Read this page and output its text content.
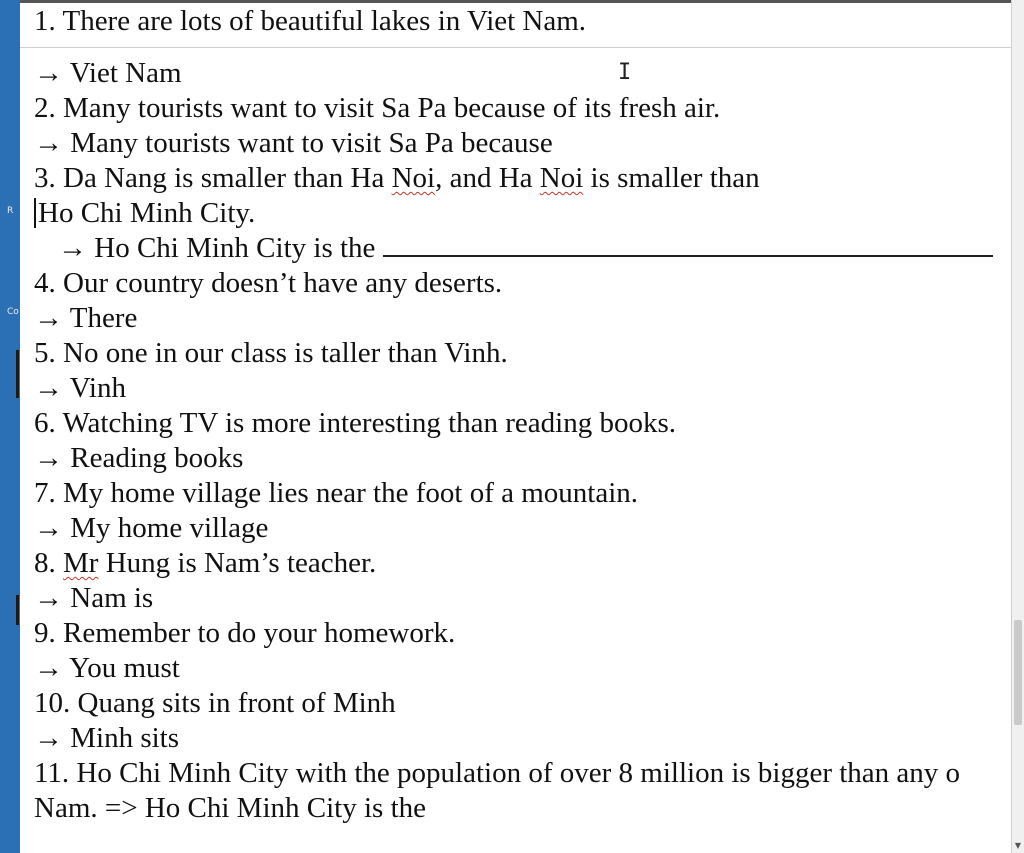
R
Co
1. There are lots of beautiful lakes in Viet Nam.
→ Viet Nam	I
2. Many tourists want to visit Sa Pa because of its fresh air.
→ Many tourists want to visit Sa Pa because
3. Da Nang is smaller than Ha Noi, and Ha Noi is smaller than
Ho Chi Minh City.
→ Ho Chi Minh City is the
4. Our country doesn’t have any deserts.
→ There
5. No one in our class is taller than Vinh.
→ Vinh
6. Watching TV is more interesting than reading books.
→ Reading books
7. My home village lies near the foot of a mountain.
→ My home village
8. Mr Hung is Nam’s teacher.
→ Nam is
9. Remember to do your homework.
→ You must
10. Quang sits in front of Minh
→ Minh sits
11. Ho Chi Minh City with the population of over 8 million is bigger than any o
Nam. => Ho Chi Minh City is the
▼
